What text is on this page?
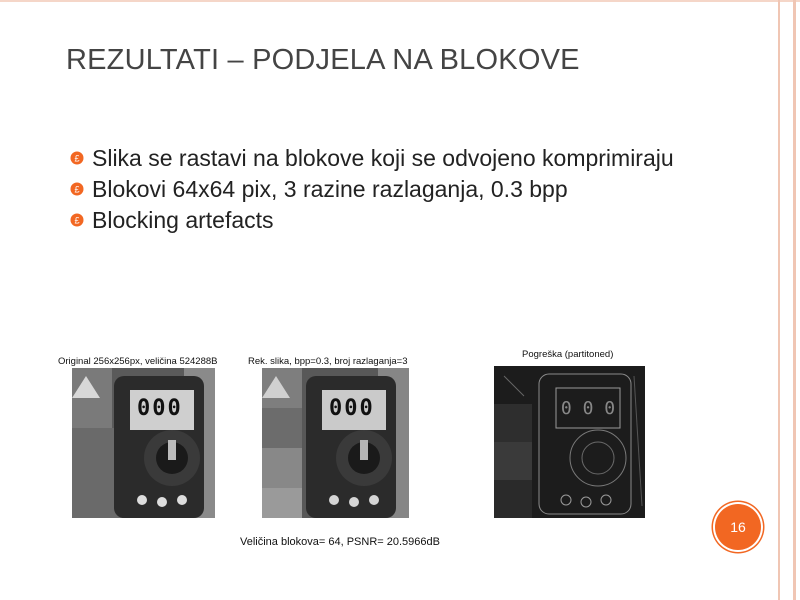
REZULTATI – PODJELA NA BLOKOVE

£ Slika se rastavi na blokove koji se odvojeno komprimiraju

£ Blokovi 64x64 pix, 3 razine razlaganja, 0.3 bpp

£ Blocking artefacts

Original 256x256px, veličina 524288B	Rek. slika, bpp=0.3, broj razlaganja=3
Pogreška (partitoned)
000	000	0 0 0
16
Veličina blokova= 64, PSNR= 20.5966dB
